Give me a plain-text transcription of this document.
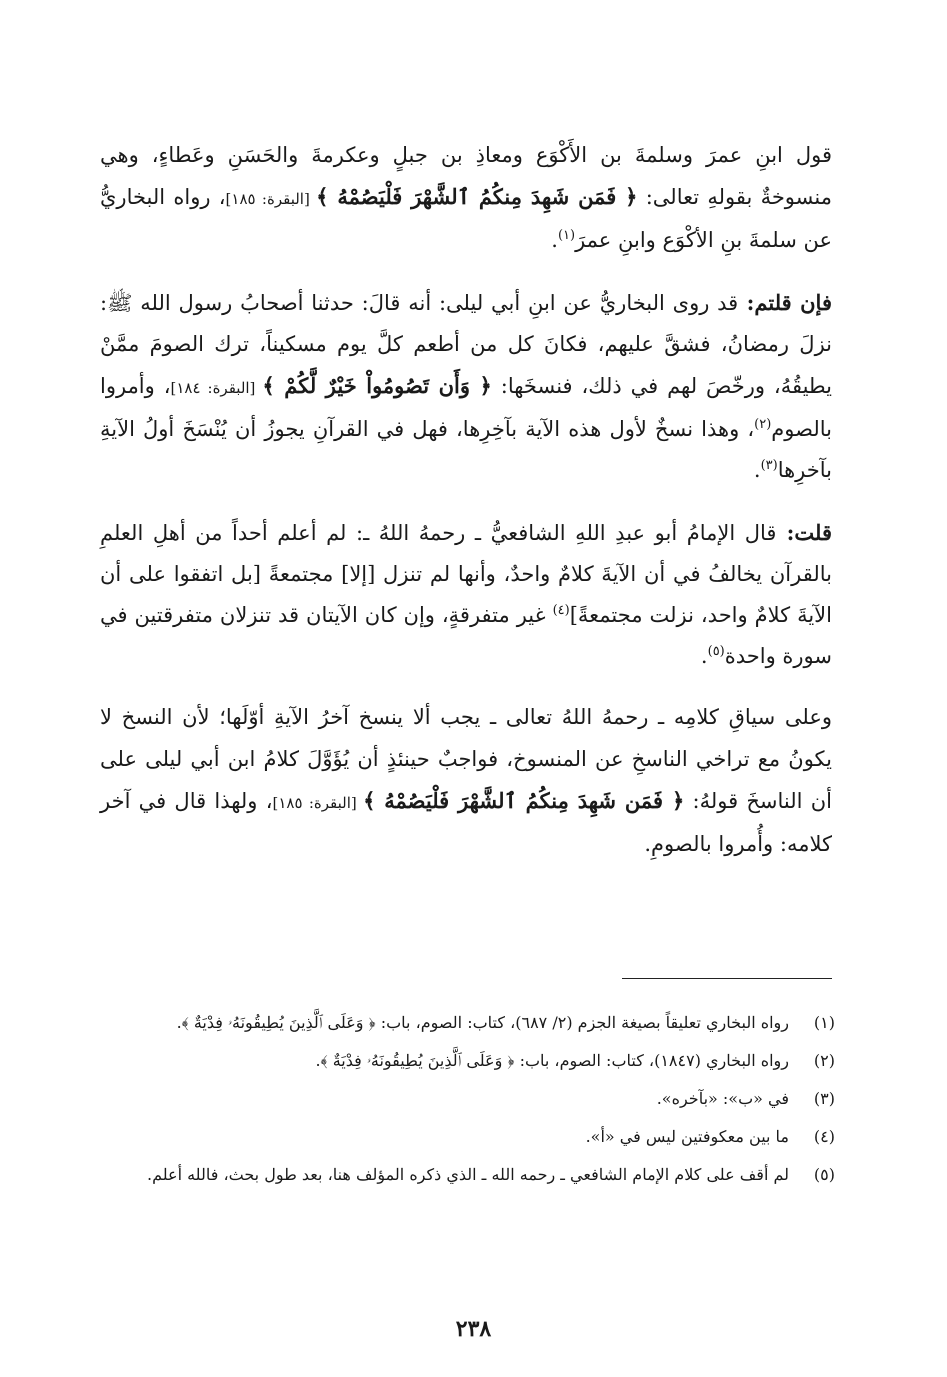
قول ابنِ عمرَ وسلمةَ بن الأَكْوَع ومعاذِ بن جبلٍ وعكرمةَ والحَسَنِ وعَطاءٍ، وهي منسوخةٌ بقولهِ تعالى: ﴿ فَمَن شَهِدَ مِنكُمُ ٱلشَّهْرَ فَلْيَصُمْهُ ﴾ [البقرة: ١٨٥]، رواه البخاريُّ عن سلمةَ بنِ الأكْوَع وابنِ عمرَ$^{(١)}$.

فإن قلتم: قد روى البخاريُّ عن ابنِ أبي ليلى: أنه قالَ: حدثنا أصحابُ رسول الله ﷺ: نزلَ رمضانُ، فشقَّ عليهم، فكانَ كل من أطعم كلَّ يوم مسكيناً، ترك الصومَ ممَّنْ يطيقُهُ، ورخّصَ لهم في ذلك، فنسخَها: ﴿ وَأَن تَصُومُواْ خَيْرٌ لَّكُمْ ﴾ [البقرة: ١٨٤]، وأمروا بالصوم$^{(٢)}$، وهذا نسخٌ لأول هذه الآية بآخِرِها، فهل في القرآنِ يجوزُ أن يُنْسَخَ أولُ الآيةِ بآخرِها$^{(٣)}$.

قلت: قال الإمامُ أبو عبدِ اللهِ الشافعيُّ ـ رحمهُ اللهُ ـ: لم أعلم أحداً من أهلِ العلمِ بالقرآن يخالفُ في أن الآيةَ كلامٌ واحدٌ، وأنها لم تنزل [إلا] مجتمعةً [بل اتفقوا على أن الآيةَ كلامٌ واحد، نزلت مجتمعةً]$^{(٤)}$ غير متفرقةٍ، وإن كان الآيتان قد تنزلان متفرقتين في سورة واحدة$^{(٥)}$.

وعلى سياقِ كلامِه ـ رحمهُ اللهُ تعالى ـ يجب ألا ينسخ آخرُ الآيةِ أوّلَها؛ لأن النسخ لا يكونُ مع تراخي الناسخِ عن المنسوخ، فواجبٌ حينئذٍ أن يُؤَوَّلَ كلامُ ابن أبي ليلى على أن الناسخَ قولهُ: ﴿ فَمَن شَهِدَ مِنكُمُ ٱلشَّهْرَ فَلْيَصُمْهُ ﴾ [البقرة: ١٨٥]، ولهذا قال في آخر كلامه: وأُمروا بالصومِ.

(١)
رواه البخاري تعليقاً بصيغة الجزم (٢/ ٦٨٧)، كتاب: الصوم، باب: ﴿ وَعَلَى ٱلَّذِينَ يُطِيقُونَهُۥ فِدْيَةٌ ﴾.
(٢)
رواه البخاري (١٨٤٧)، كتاب: الصوم، باب: ﴿ وَعَلَى ٱلَّذِينَ يُطِيقُونَهُۥ فِدْيَةٌ ﴾.
(٣)
في «ب»: «بآخره».
(٤)
ما بين معكوفتين ليس في «أ».
(٥)
لم أقف على كلام الإمام الشافعي ـ رحمه الله ـ الذي ذكره المؤلف هنا، بعد طول بحث، فالله أعلم.
٢٣٨
